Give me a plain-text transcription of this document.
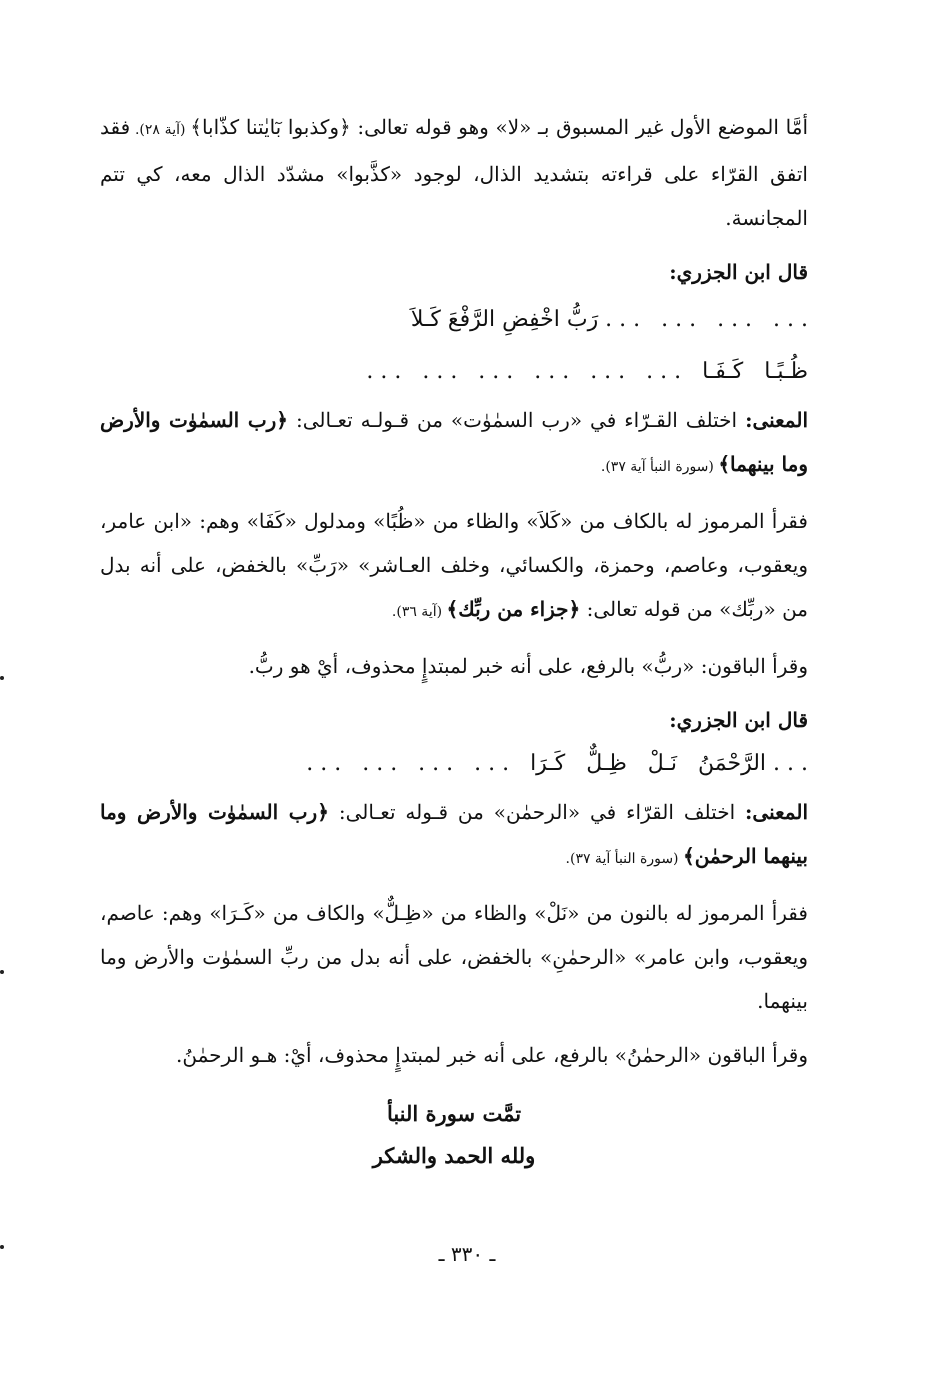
أمَّا الموضع الأول غير المسبوق بـ «لا» وهو قوله تعالى: ﴿وكذبوا بٓايٰتنا كذّابا﴾ (آية ٢٨). فقد اتفق القرّاء على قراءته بتشديد الذال، لوجود «كذَّبوا» مشدّد الذال معه، كي تتم المجانسة.

قال ابن الجزري:

. . .   . . .   . . .   . . . رَبُّ اخْفِضِ الرَّفْعَ كَـلاَ

ظُـبًـا   كَـفَـا   . . .   . . .   . . .   . . .   . . .   . . .

المعنى: اختلف القـرّاء في «رب السمٰوٰت» من قـولـه تعـالى: ﴿رب السمٰوٰت والأرض وما بينهما﴾ (سورة النبأ آية ٣٧).

فقرأ المرموز له بالكاف من «كَلاَ» والظاء من «ظُبًا» ومدلول «كَفَا» وهم: «ابن عامر، ويعقوب، وعاصم، وحمزة، والكسائي، وخلف العـاشر» «رَبِّ» بالخفض، على أنه بدل من «ربِّك» من قوله تعالى: ﴿جزاء من ربِّك﴾ (آية ٣٦).

وقرأ الباقون: «ربُّ» بالرفع، على أنه خبر لمبتدإٍ محذوف، أيْ هو ربُّ.

قال ابن الجزري:

. . . الرَّحْمَنُ   نَـلْ   ظِـلٌّ   كَـرَا   . . .   . . .   . . .   . . .

المعنى: اختلف القرّاء في «الرحمٰن» من قـوله تعـالى: ﴿رب السمٰوٰت والأرض وما بينهما الرحمٰن﴾ (سورة النبأ آية ٣٧).

فقرأ المرموز له بالنون من «نَلْ» والظاء من «ظِـلٌّ» والكاف من «كَـرَا» وهم: عاصم، ويعقوب، وابن عامر» «الرحمٰنِ» بالخفض، على أنه بدل من ربِّ السمٰوٰت والأرض وما بينهما.

وقرأ الباقون «الرحمٰنُ» بالرفع، على أنه خبر لمبتدإٍ محذوف، أيْ: هـو الرحمٰنُ.

تمَّت سورة النبأ
ولله الحمد والشكر
ـ ٣٣٠ ـ
